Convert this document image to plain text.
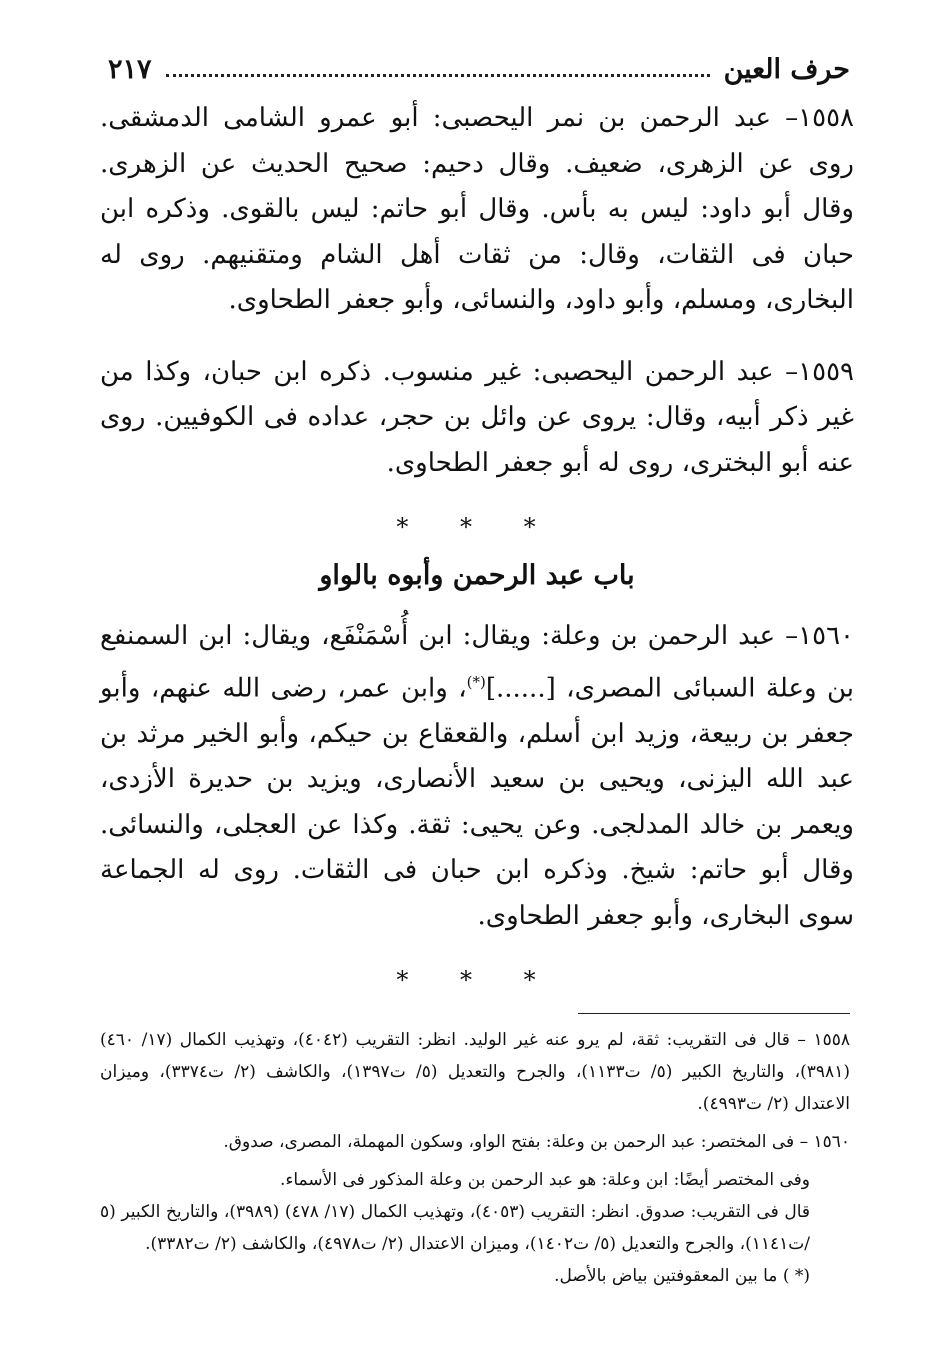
حرف العين
٢١٧

١٥٥٨– عبد الرحمن بن نمر اليحصبى: أبو عمرو الشامى الدمشقى. روى عن الزهرى، ضعيف. وقال دحيم: صحيح الحديث عن الزهرى. وقال أبو داود: ليس به بأس. وقال أبو حاتم: ليس بالقوى. وذكره ابن حبان فى الثقات، وقال: من ثقات أهل الشام ومتقنيهم. روى له البخارى، ومسلم، وأبو داود، والنسائى، وأبو جعفر الطحاوى.

١٥٥٩– عبد الرحمن اليحصبى: غير منسوب. ذكره ابن حبان، وكذا من غير ذكر أبيه، وقال: يروى عن وائل بن حجر، عداده فى الكوفيين. روى عنه أبو البخترى، روى له أبو جعفر الطحاوى.

* * *
باب عبد الرحمن وأبوه بالواو

١٥٦٠– عبد الرحمن بن وعلة: ويقال: ابن أُسْمَنْفَع، ويقال: ابن السمنفع بن وعلة السبائى المصرى، [......](*)، وابن عمر، رضى الله عنهم، وأبو جعفر بن ربيعة، وزيد ابن أسلم، والقعقاع بن حيكم، وأبو الخير مرثد بن عبد الله اليزنى، ويحيى بن سعيد الأنصارى، ويزيد بن حديرة الأزدى، ويعمر بن خالد المدلجى. وعن يحيى: ثقة. وكذا عن العجلى، والنسائى. وقال أبو حاتم: شيخ. وذكره ابن حبان فى الثقات. روى له الجماعة سوى البخارى، وأبو جعفر الطحاوى.

* * *

١٥٥٨ – قال فى التقريب: ثقة، لم يرو عنه غير الوليد. انظر: التقريب (٤٠٤٢)، وتهذيب الكمال (١٧/ ٤٦٠) (٣٩٨١)، والتاريخ الكبير (٥/ ت١١٣٣)، والجرح والتعديل (٥/ ت١٣٩٧)، والكاشف (٢/ ت٣٣٧٤)، وميزان الاعتدال (٢/ ت٤٩٩٣).

١٥٦٠ – فى المختصر: عبد الرحمن بن وعلة: بفتح الواو، وسكون المهملة، المصرى، صدوق.

وفى المختصر أيضًا: ابن وعلة: هو عبد الرحمن بن وعلة المذكور فى الأسماء.

قال فى التقريب: صدوق. انظر: التقريب (٤٠٥٣)، وتهذيب الكمال (١٧/ ٤٧٨) (٣٩٨٩)، والتاريخ الكبير (٥ /ت١١٤١)، والجرح والتعديل (٥/ ت١٤٠٢)، وميزان الاعتدال (٢/ ت٤٩٧٨)، والكاشف (٢/ ت٣٣٨٢).

(* ) ما بين المعقوفتين بياض بالأصل.
